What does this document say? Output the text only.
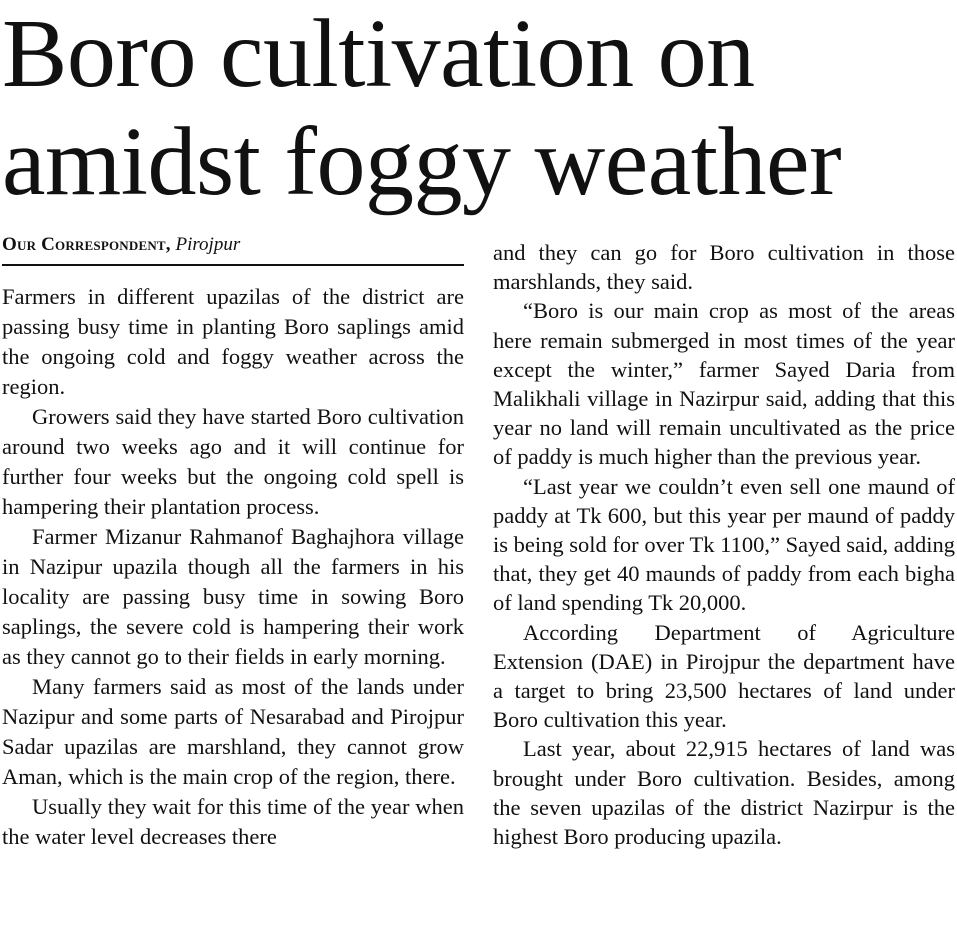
Boro cultivation on
amidst foggy weather
Our Correspondent, Pirojpur

Farmers in different upazilas of the district are passing busy time in planting Boro saplings amid the ongoing cold and foggy weather across the region.

Growers said they have started Boro cultivation around two weeks ago and it will continue for further four weeks but the ongoing cold spell is hampering their plantation process.

Farmer Mizanur Rahmanof Baghajhora village in Nazipur upazila though all the farmers in his locality are passing busy time in sowing Boro saplings, the severe cold is hampering their work as they cannot go to their fields in early morning.

Many farmers said as most of the lands under Nazipur and some parts of Nesarabad and Pirojpur Sadar upazilas are marshland, they cannot grow Aman, which is the main crop of the region, there.

Usually they wait for this time of the year when the water level decreases there

and they can go for Boro cultivation in those marshlands, they said.

“Boro is our main crop as most of the areas here remain submerged in most times of the year except the winter,” farmer Sayed Daria from Malikhali village in Nazirpur said, adding that this year no land will remain uncultivated as the price of paddy is much higher than the previous year.

“Last year we couldn’t even sell one maund of paddy at Tk 600, but this year per maund of paddy is being sold for over Tk 1100,” Sayed said, adding that, they get 40 maunds of paddy from each bigha of land spending Tk 20,000.

According Department of Agriculture Extension (DAE) in Pirojpur the department have a target to bring 23,500 hectares of land under Boro cultivation this year.

Last year, about 22,915 hectares of land was brought under Boro cultivation. Besides, among the seven upazilas of the district Nazirpur is the highest Boro producing upazila.
